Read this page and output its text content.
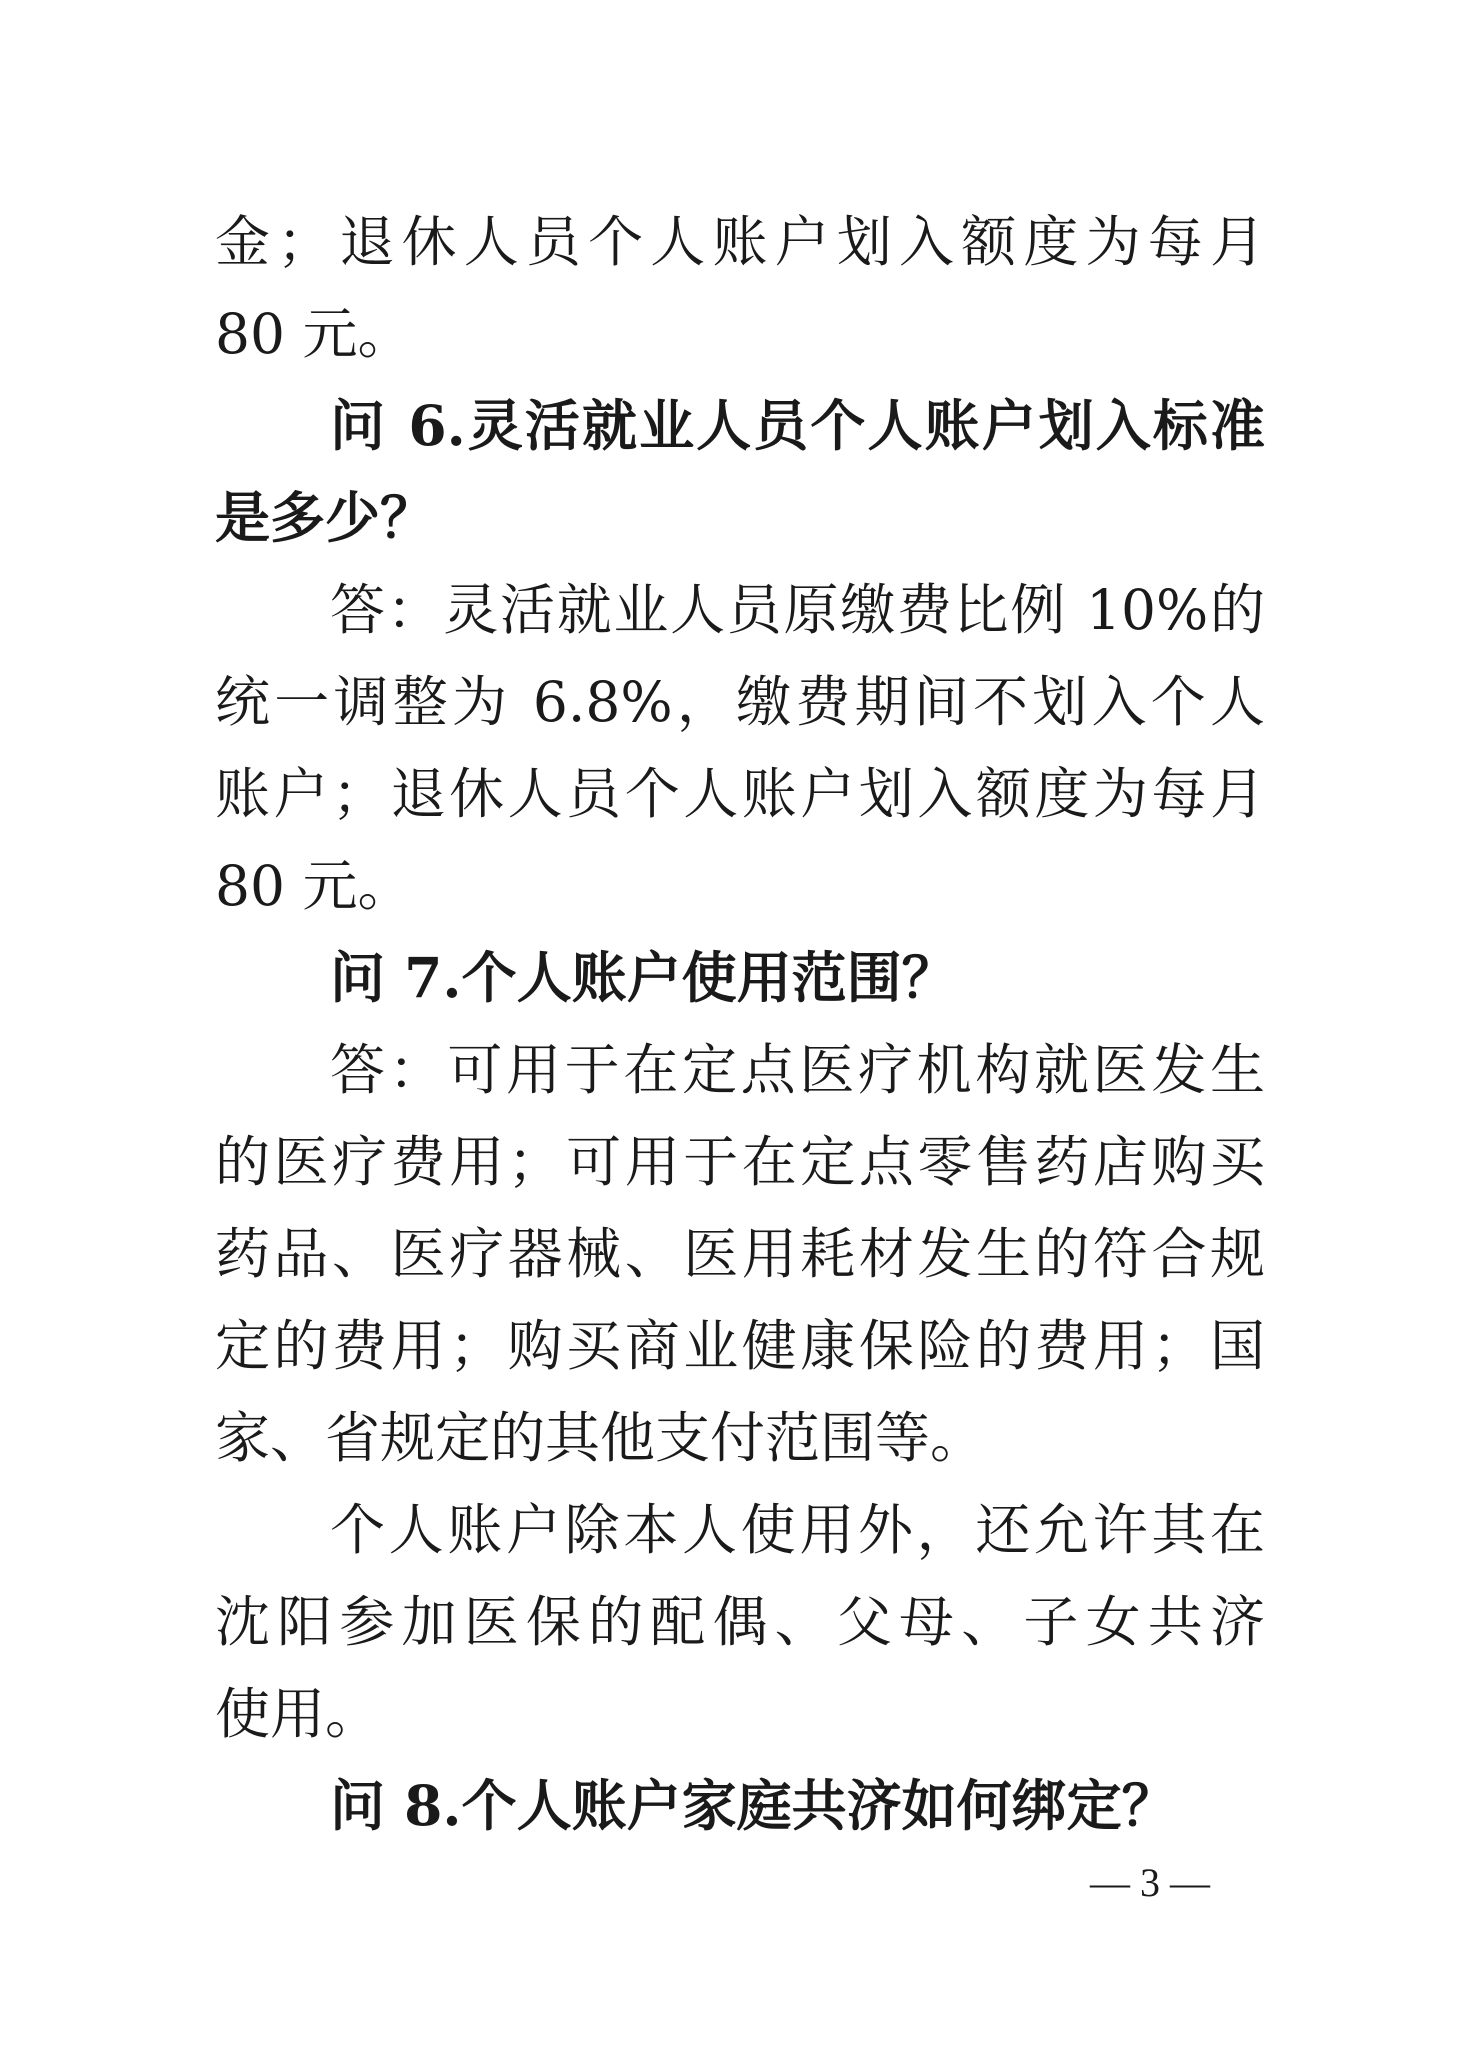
金；退休人员个人账户划入额度为每月
80 元。
问 6.灵活就业人员个人账户划入标准
是多少？
答：灵活就业人员原缴费比例 10%的
统一调整为 6.8%，缴费期间不划入个人
账户；退休人员个人账户划入额度为每月
80 元。
问 7.个人账户使用范围？
答：可用于在定点医疗机构就医发生
的医疗费用；可用于在定点零售药店购买
药品、医疗器械、医用耗材发生的符合规
定的费用；购买商业健康保险的费用；国
家、省规定的其他支付范围等。
个人账户除本人使用外，还允许其在
沈阳参加医保的配偶、父母、子女共济
使用。
问 8.个人账户家庭共济如何绑定？
— 3 —
